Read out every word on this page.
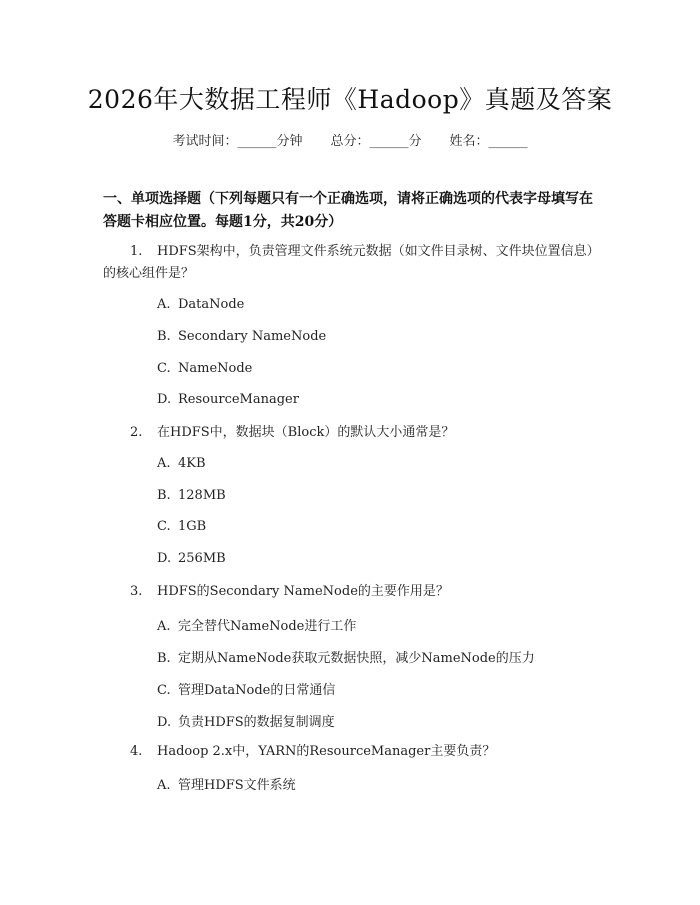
2026年大数据工程师《Hadoop》真题及答案
考试时间：______分钟 总分：______分 姓名：______
一、单项选择题（下列每题只有一个正确选项，请将正确选项的代表字母填写在答题卡相应位置。每题1分，共20分）
1. HDFS架构中，负责管理文件系统元数据（如文件目录树、文件块位置信息）的核心组件是？
A. DataNode
B. Secondary NameNode
C. NameNode
D. ResourceManager
2. 在HDFS中，数据块（Block）的默认大小通常是？
A. 4KB
B. 128MB
C. 1GB
D. 256MB
3. HDFS的Secondary NameNode的主要作用是？
A. 完全替代NameNode进行工作
B. 定期从NameNode获取元数据快照，减少NameNode的压力
C. 管理DataNode的日常通信
D. 负责HDFS的数据复制调度
4. Hadoop 2.x中，YARN的ResourceManager主要负责？
A. 管理HDFS文件系统
